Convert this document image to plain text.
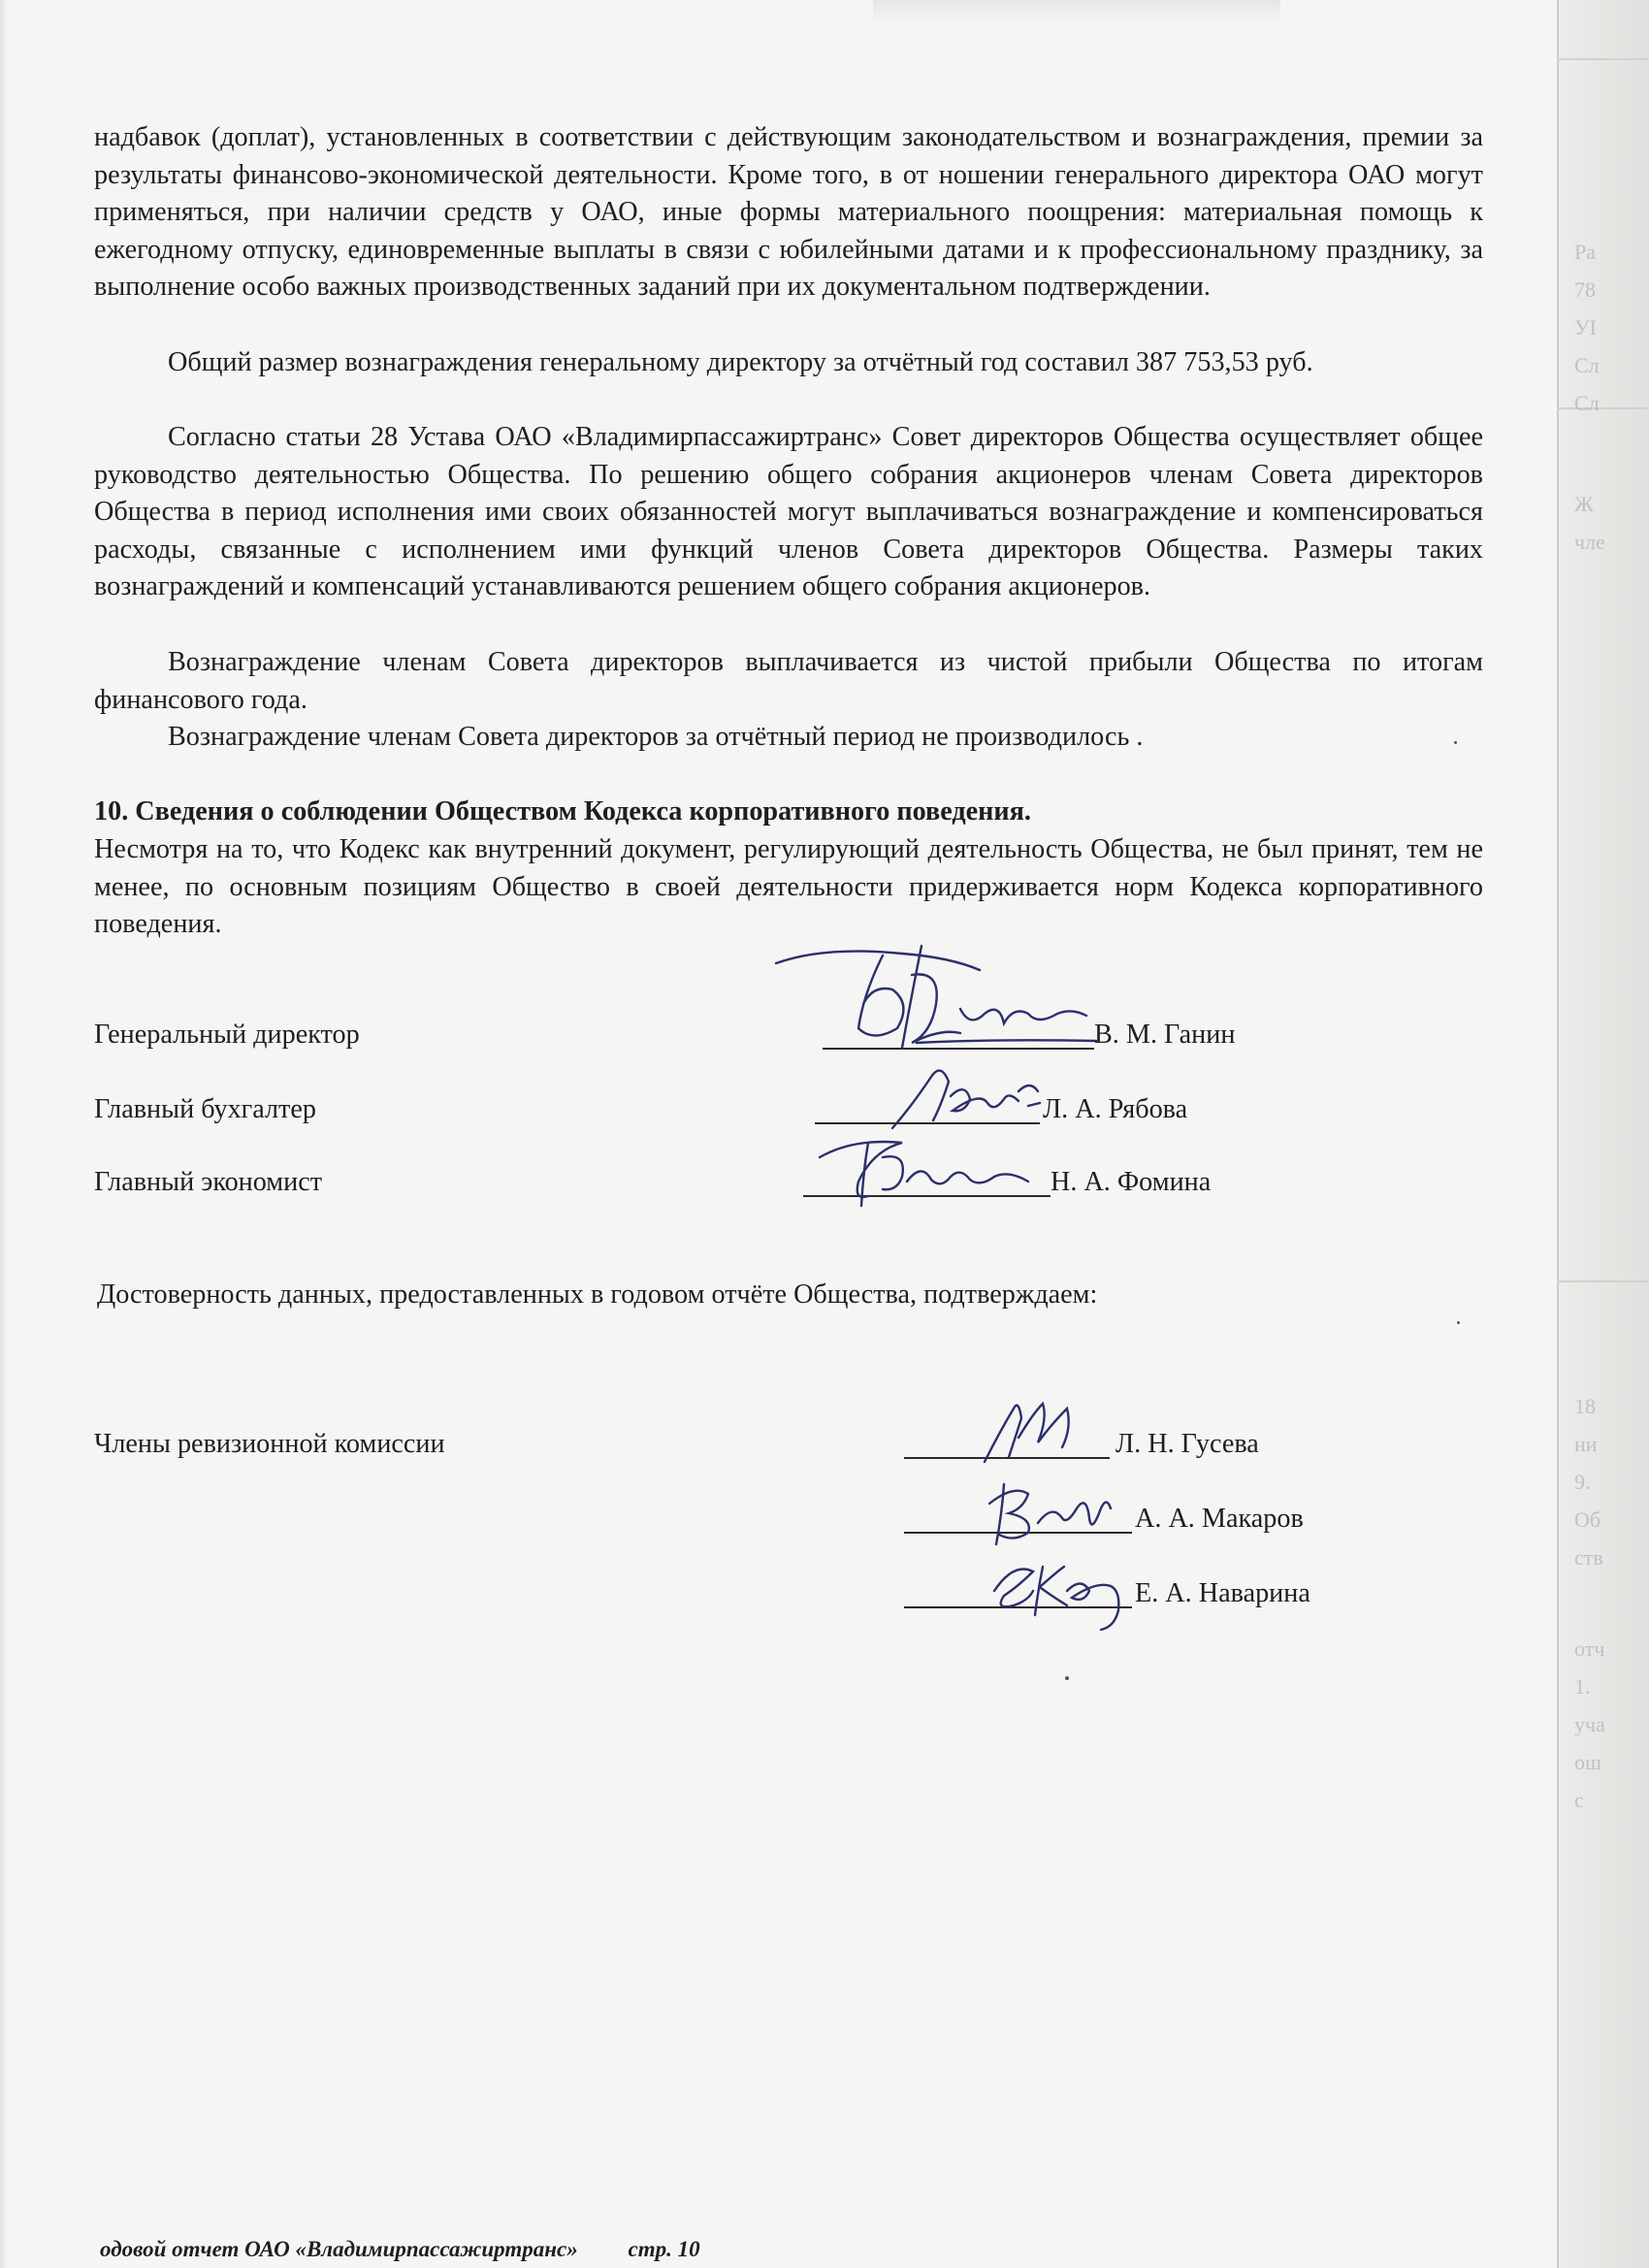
Ра
78
УІ
Сл
Сл
Ж
чле
18
ни
9.
Об
ств
отч
1.
уча
ош
с

надбавок (доплат), установленных в соответствии с действующим законодательством и вознаграждения, премии за результаты финансово-экономической деятельности. Кроме того, в от ношении генерального директора ОАО могут применяться, при наличии средств у ОАО, иные формы материального поощрения: материальная помощь к ежегодному отпуску, единовременные выплаты в связи с юбилейными датами и к профессиональному празднику, за выполнение особо важных производственных заданий при их документальном подтверждении.

Общий размер вознаграждения генеральному директору за отчётный год составил 387 753,53 руб.

Согласно статьи 28 Устава ОАО «Владимирпассажиртранс» Совет директоров Общества осуществляет общее руководство деятельностью Общества. По решению общего собрания акционеров членам Совета директоров Общества в период исполнения ими своих обязанностей могут выплачиваться вознаграждение и компенсироваться расходы, связанные с исполнением ими функций членов Совета директоров Общества. Размеры таких вознаграждений и компенсаций устанавливаются решением общего собрания акционеров.

Вознаграждение членам Совета директоров выплачивается из чистой прибыли Общества по итогам финансового года.

Вознаграждение членам Совета директоров за отчётный период не производилось .

10. Сведения о соблюдении Обществом Кодекса корпоративного поведения.

Несмотря на то, что Кодекс как внутренний документ, регулирующий деятельность Общества, не был принят, тем не менее, по основным позициям Общество в своей деятельности придерживается норм Кодекса корпоративного поведения.

Генеральный директор	В. М. Ганин
Главный бухгалтер	Л. А. Рябова
Главный экономист	Н. А. Фомина
Достоверность данных, предоставленных в годовом отчёте Общества, подтверждаем:
Члены ревизионной комиссии	Л. Н. Гусева
А. А. Макаров
Е. А. Наварина
одовой отчет ОАО «Владимирпассажиртранс» стр. 10
